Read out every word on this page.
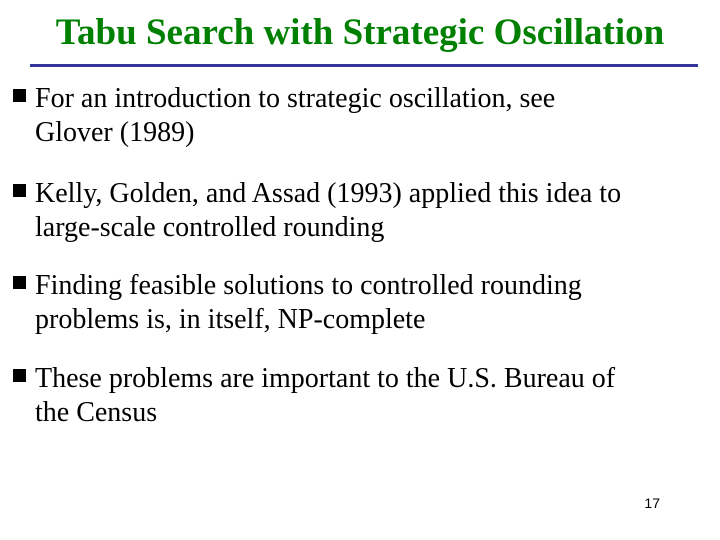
Tabu Search with Strategic Oscillation
For an introduction to strategic oscillation, see
Glover (1989)
Kelly, Golden, and Assad (1993) applied this idea to
large-scale controlled rounding
Finding feasible solutions to controlled rounding
problems is, in itself, NP-complete
These problems are important to the U.S. Bureau of
the Census
17
